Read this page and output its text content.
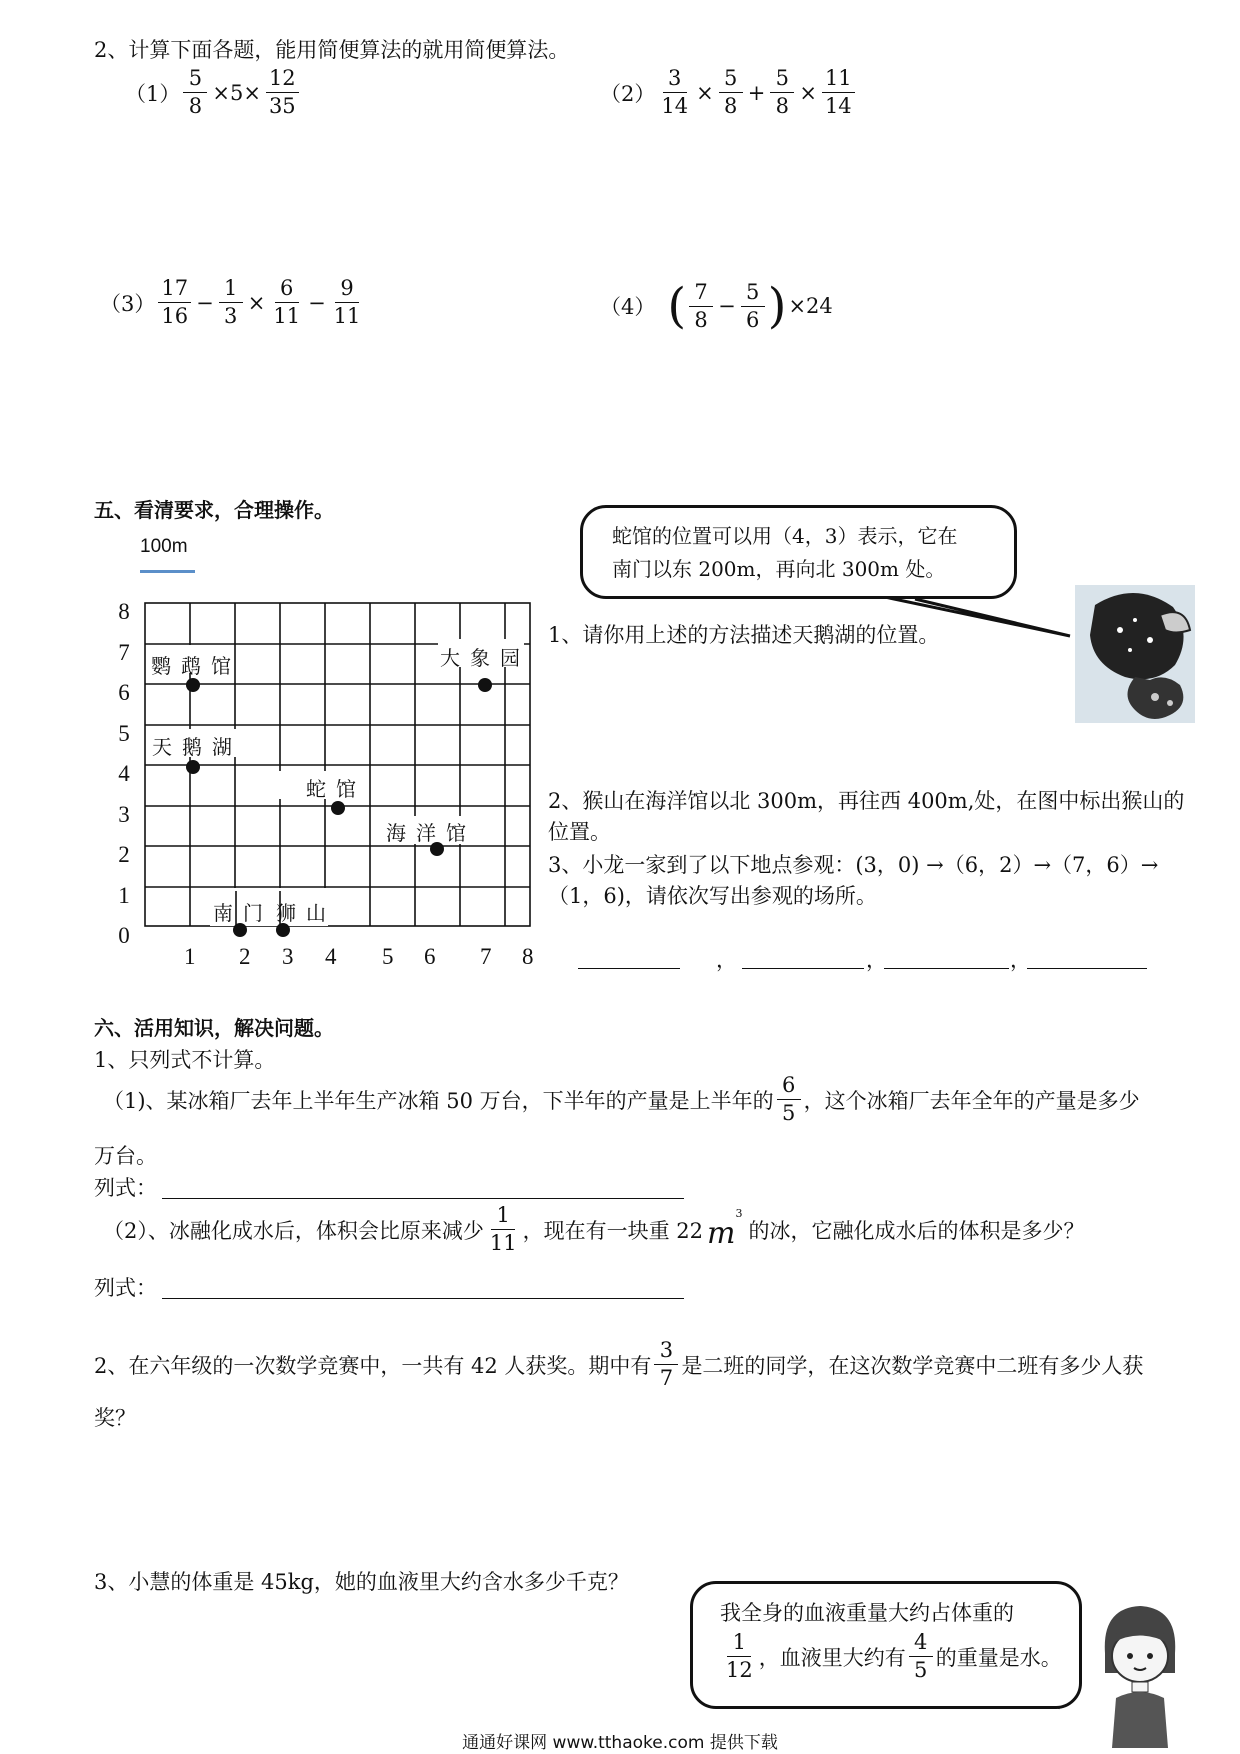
2、计算下面各题，能用简便算法的就用简便算法。
$(1) \frac{5}{8} \times 5\times \frac{12}{35}$	$(2) \frac{3}{14} \times \frac{5}{8} + \frac{5}{8} \times \frac{11}{14}$
$(3) \frac{17}{16} - \frac{1}{3} \times \frac{6}{11} - \frac{9}{11}$	（4） ( $\frac{7}{8} - \frac{5}{6}$ ) ×24
五、看清要求，合理操作。
100m
8
7
6
5
4
3
2
1
0
1 2 3 4 5 6 7 8
鹦鹉馆	大象园
天鹅湖
蛇馆
海洋馆
南门 狮山
蛇馆的位置可以用（4，3）表示，它在
南门以东 200m，再向北 300m 处。
1、请你用上述的方法描述天鹅湖的位置。
2、猴山在海洋馆以北 300m，再往西 400m,处，在图中标出猴山的
位置。
3、小龙一家到了以下地点参观：(3，0) →（6，2）→（7，6）→
（1，6)，请依次写出参观的场所。
，	，	，
六、活用知识，解决问题。
1、只列式不计算。
（1)、某冰箱厂去年上半年生产冰箱 50 万台，下半年的产量是上半年的 $\frac{6}{5}$ ，这个冰箱厂去年全年的产量是多少
万台。
列式：
（2）、冰融化成水后，体积会比原来减少 $\frac{1}{11}$ ，现在有一块重 22 m
3
的冰，它融化成水后的体积是多少？
列式：
2、在六年级的一次数学竞赛中，一共有 42 人获奖。期中有 $\frac{3}{7}$ 是二班的同学，在这次数学竞赛中二班有多少人获
奖？
3、小慧的体重是 45kg，她的血液里大约含水多少千克？
我全身的血液重量大约占体重的
$\frac{1}{12}$ ，血液里大约有 $\frac{4}{5}$ 的重量是水。
通通好课网 www.tthaoke.com 提供下载
